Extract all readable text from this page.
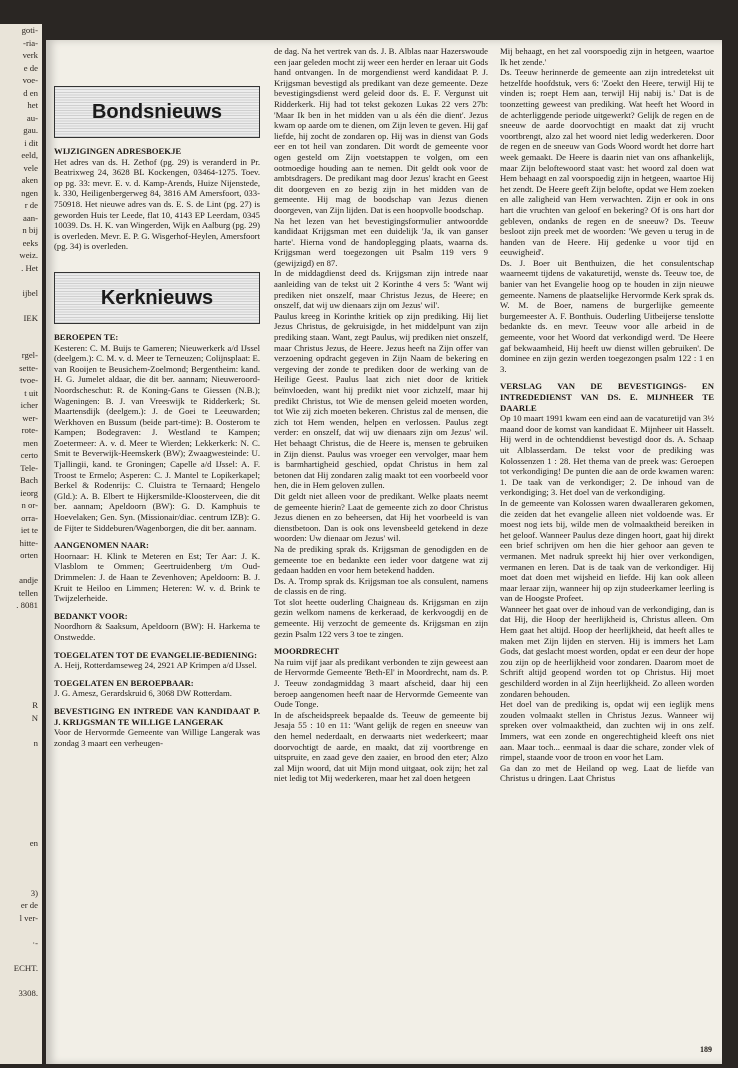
goti-
-ria-
verk
e de
voe-
d en
het
au-
gau.
i dit
eeld,
vele
aken
ngen
r de
aan-
n bij
eeks
weiz.
. Het

ijbel

IEK

rgel-
sette-
tvoe-
t uit
icher
wer-
rote-
men
certo
Tele-
Bach
ieorg
n or-
orra-
iet te
hitte-
orten

andje
tellen
. 8081

R
N

n

en

3)
er de
l ver-

·-

ECHT.

3308.
Bondsnieuws

WIJZIGINGEN ADRESBOEKJE

Het adres van ds. H. Zethof (pg. 29) is veranderd in Pr. Beatrixweg 24, 3628 BL Kockengen, 03464-1275. Toev. op pg. 33: mevr. E. v. d. Kamp-Arends, Huize Nijenstede, k. 330, Heiligenbergerweg 84, 3816 AM Amersfoort, 033-750918. Het nieuwe adres van ds. E. S. de Lint (pg. 27) is geworden Huis ter Leede, flat 10, 4143 EP Leerdam, 0345 10039. Ds. H. K. van Wingerden, Wijk en Aalburg (pg. 29) is overleden. Mevr. E. P. G. Wisgerhof-Heylen, Amersfoort (pg. 34) is overleden.

Kerknieuws

BEROEPEN TE:

Kesteren: C. M. Buijs te Gameren; Nieuwerkerk a/d IJssel (deelgem.): C. M. v. d. Meer te Terneuzen; Colijnsplaat: E. van Rooijen te Beusichem-Zoelmond; Bergentheim: kand. H. G. Jumelet aldaar, die dit ber. aannam; Nieuweroord-Noordscheschut: R. de Koning-Gans te Giessen (N.B.); Wageningen: B. J. van Vreeswijk te Ridderkerk; St. Maartensdijk (deelgem.): J. de Goei te Leeuwarden; Werkhoven en Bussum (beide part-time): B. Oosterom te Kampen; Bodegraven: J. Westland te Kampen; Zoetermeer: A. v. d. Meer te Wierden; Lekkerkerk: N. C. Smit te Beverwijk-Heemskerk (BW); Zwaagwesteinde: U. Tjallingii, kand. te Groningen; Capelle a/d IJssel: A. F. Troost te Ermelo; Asperen: C. J. Mantel te Lopikerkapel; Berkel & Rodenrijs: C. Cluistra te Ternaard; Hengelo (Gld.): A. B. Elbert te Hijkersmilde-Kloosterveen, die dit ber. aannam; Apeldoorn (BW): G. D. Kamphuis te Hoevelaken; Gen. Syn. (Missionair/diac. centrum IZB): G. de Fijter te Siddeburen/Wagenborgen, die dit ber. aannam.

AANGENOMEN NAAR:

Hoornaar: H. Klink te Meteren en Est; Ter Aar: J. K. Vlasblom te Ommen; Geertruidenberg t/m Oud-Drimmelen: J. de Haan te Zevenhoven; Apeldoorn: B. J. Kruit te Heiloo en Limmen; Heteren: W. v. d. Brink te Twijzelerheide.

BEDANKT VOOR:

Noordhorn & Saaksum, Apeldoorn (BW): H. Harkema te Onstwedde.

TOEGELATEN TOT DE EVANGELIE-BEDIENING:

A. Heij, Rotterdamseweg 24, 2921 AP Krimpen a/d IJssel.

TOEGELATEN EN BEROEPBAAR:

J. G. Amesz, Gerardskruid 6, 3068 DW Rotterdam.

BEVESTIGING EN INTREDE VAN KANDIDAAT P. J. KRIJGSMAN TE WILLIGE LANGERAK

Voor de Hervormde Gemeente van Willige Langerak was zondag 3 maart een verheugen-

de dag. Na het vertrek van ds. J. B. Alblas naar Hazerswoude een jaar geleden mocht zij weer een herder en leraar uit Gods hand ontvangen. In de morgendienst werd kandidaat P. J. Krijgsman bevestigd als predikant van deze gemeente. Deze bevestigingsdienst werd geleid door ds. E. F. Vergunst uit Ridderkerk. Hij had tot tekst gekozen Lukas 22 vers 27b: 'Maar Ik ben in het midden van u als één die dient'. Jezus kwam op aarde om te dienen, om Zijn leven te geven. Hij gaf liefde, hij zocht de zondaren op. Hij was in dienst van Gods eer en tot heil van zondaren. Dit wordt de gemeente voor ogen gesteld om Zijn voetstappen te volgen, om een ootmoedige houding aan te nemen. Dit geldt ook voor de ambtsdragers. De predikant mag door Jezus' kracht en Geest dit doorgeven en zo bezig zijn in het midden van de gemeente. Hij mag de boodschap van Jezus dienen doorgeven, van Zijn lijden. Dat is een hoopvolle boodschap.

Na het lezen van het bevestigingsformulier antwoordde kandidaat Krijgsman met een duidelijk 'Ja, ik van ganser harte'. Hierna vond de handoplegging plaats, waarna ds. Krijgsman werd toegezongen uit Psalm 119 vers 9 (gewijzigd) en 87.

In de middagdienst deed ds. Krijgsman zijn intrede naar aanleiding van de tekst uit 2 Korinthe 4 vers 5: 'Want wij prediken niet onszelf, maar Christus Jezus, de Heere; en onszelf, dat wij uw dienaars zijn om Jezus' wil'.

Paulus kreeg in Korinthe kritiek op zijn prediking. Hij liet Jezus Christus, de gekruisigde, in het middelpunt van zijn prediking staan. Want, zegt Paulus, wij prediken niet onszelf, maar Christus Jezus, de Heere. Jezus heeft na Zijn offer van verzoening opdracht gegeven in Zijn Naam de bekering en vergeving der zonde te prediken door de werking van de Heilige Geest. Paulus laat zich niet door de kritiek beïnvloeden, want hij predikt niet voor zichzelf, maar hij predikt Christus, tot Wie de mensen geleid moeten worden, tot Wie zij zich moeten bekeren. Christus zal de mensen, die zich tot Hem wenden, helpen en verlossen. Paulus zegt verder: en onszelf, dat wij uw dienaars zijn om Jezus' wil. Het behaagt Christus, die de Heere is, mensen te gebruiken in Zijn dienst. Paulus was vroeger een vervolger, maar hem is barmhartigheid geschied, opdat Christus in hem zal betonen dat Hij zondaren zalig maakt tot een voorbeeld voor hen, die in Hem geloven zullen.

Dit geldt niet alleen voor de predikant. Welke plaats neemt de gemeente hierin? Laat de gemeente zich zo door Christus Jezus dienen en zo beheersen, dat Hij het voorbeeld is van dienstbetoon. Dan is ook ons levensbeeld getekend in deze woorden: Uw dienaar om Jezus' wil.

Na de prediking sprak ds. Krijgsman de genodigden en de gemeente toe en bedankte een ieder voor datgene wat zij gedaan hadden en voor hem betekend hadden.

Ds. A. Tromp sprak ds. Krijgsman toe als consulent, namens de classis en de ring.

Tot slot heette ouderling Chaigneau ds. Krijgsman en zijn gezin welkom namens de kerkeraad, de kerkvoogdij en de gemeente. Hij verzocht de gemeente ds. Krijgsman en zijn gezin Psalm 122 vers 3 toe te zingen.

MOORDRECHT

Na ruim vijf jaar als predikant verbonden te zijn geweest aan de Hervormde Gemeente 'Beth-El' in Moordrecht, nam ds. P. J. Teeuw zondagmiddag 3 maart afscheid, daar hij een beroep aangenomen heeft naar de Hervormde Gemeente van Oude Tonge.

In de afscheidspreek bepaalde ds. Teeuw de gemeente bij Jesaja 55 : 10 en 11: 'Want gelijk de regen en sneeuw van den hemel nederdaalt, en derwaarts niet wederkeert; maar doorvochtigt de aarde, en maakt, dat zij voortbrenge en uitspruite, en zaad geve den zaaier, en brood den eter; Alzo zal Mijn woord, dat uit Mijn mond uitgaat, ook zijn; het zal niet ledig tot Mij wederkeren, maar het zal doen hetgeen

Mij behaagt, en het zal voorspoedig zijn in hetgeen, waartoe Ik het zende.'

Ds. Teeuw herinnerde de gemeente aan zijn intredetekst uit hetzelfde hoofdstuk, vers 6: 'Zoekt den Heere, terwijl Hij te vinden is; roept Hem aan, terwijl Hij nabij is.' Dat is de toonzetting geweest van prediking. Wat heeft het Woord in de achterliggende periode uitgewerkt? Gelijk de regen en de sneeuw de aarde doorvochtigt en maakt dat zij vrucht voortbrengt, alzo zal het woord niet ledig wederkeren. Door de regen en de sneeuw van Gods Woord wordt het dorre hart week gemaakt. De Heere is daarin niet van ons afhankelijk, maar Zijn beloftewoord staat vast: het woord zal doen wat Hem behaagt en zal voorspoedig zijn in hetgeen, waartoe Hij het zendt. De Heere geeft Zijn belofte, opdat we Hem zoeken en alle zaligheid van Hem verwachten. Zijn er ook in ons hart die vruchten van geloof en bekering? Of is ons hart dor gebleven, ondanks de regen en de sneeuw? Ds. Teeuw besloot zijn preek met de woorden: 'We geven u terug in de handen van de Heere. Hij gedenke u voor tijd en eeuwigheid'.

Ds. J. Boer uit Benthuizen, die het consulentschap waarneemt tijdens de vakaturetijd, wenste ds. Teeuw toe, de banier van het Evangelie hoog op te houden in zijn nieuwe gemeente. Namens de plaatselijke Hervormde Kerk sprak ds. W. M. de Boer, namens de burgerlijke gemeente burgemeester A. F. Bonthuis. Ouderling Uitbeijerse tenslotte bedankte ds. en mevr. Teeuw voor alle arbeid in de gemeente, voor het Woord dat verkondigd werd. 'De Heere gaf bekwaamheid, Hij heeft uw dienst willen gebruiken'. De dominee en zijn gezin werden toegezongen psalm 122 : 1 en 3.

VERSLAG VAN DE BEVESTIGINGS- EN INTREDEDIENST VAN DS. E. MIJNHEER TE DAARLE

Op 10 maart 1991 kwam een eind aan de vacaturetijd van 3½ maand door de komst van kandidaat E. Mijnheer uit Hasselt. Hij werd in de ochtenddienst bevestigd door ds. A. Schaap uit Alblasserdam. De tekst voor de prediking was Kolossenzen 1 : 28. Het thema van de preek was: Geroepen tot verkondiging! De punten die aan de orde kwamen waren: 1. De taak van de verkondiger; 2. De inhoud van de verkondiging; 3. Het doel van de verkondiging.

In de gemeente van Kolossen waren dwaalleraren gekomen, die zeiden dat het evangelie alleen niet voldoende was. Er moest nog iets bij, wilde men de volmaaktheid bereiken in het geloof. Wanneer Paulus deze dingen hoort, gaat hij direkt een brief schrijven om hen die hier gehoor aan geven te vermanen. Met nadruk spreekt hij hier over verkondigen, vermanen en leren. Dat is de taak van de verkondiger. Hij moet dat doen met wijsheid en liefde. Hij kan ook alleen maar leraar zijn, wanneer hij op zijn studeerkamer leerling is van de Hoogste Profeet.

Wanneer het gaat over de inhoud van de verkondiging, dan is dat Hij, die Hoop der heerlijkheid is, Christus alleen. Om Hem gaat het altijd. Hoop der heerlijkheid, dat heeft alles te maken met Zijn lijden en sterven. Hij is immers het Lam Gods, dat geslacht moest worden, opdat er een deur der hope zou zijn op de heerlijkheid voor zondaren. Daarom moet de Schrift altijd geopend worden tot op Christus. Hij moet geschilderd worden in al Zijn heerlijkheid. Zo alleen worden zondaren behouden.

Het doel van de prediking is, opdat wij een ieglijk mens zouden volmaakt stellen in Christus Jezus. Wanneer wij spreken over volmaaktheid, dan zuchten wij in ons zelf. Immers, wat een zonde en ongerechtigheid kleeft ons niet aan. Maar toch... eenmaal is daar die schare, zonder vlek of rimpel, staande voor de troon en voor het Lam.

Ga dan zo met de Heiland op weg. Laat de liefde van Christus u dringen. Laat Christus

189
